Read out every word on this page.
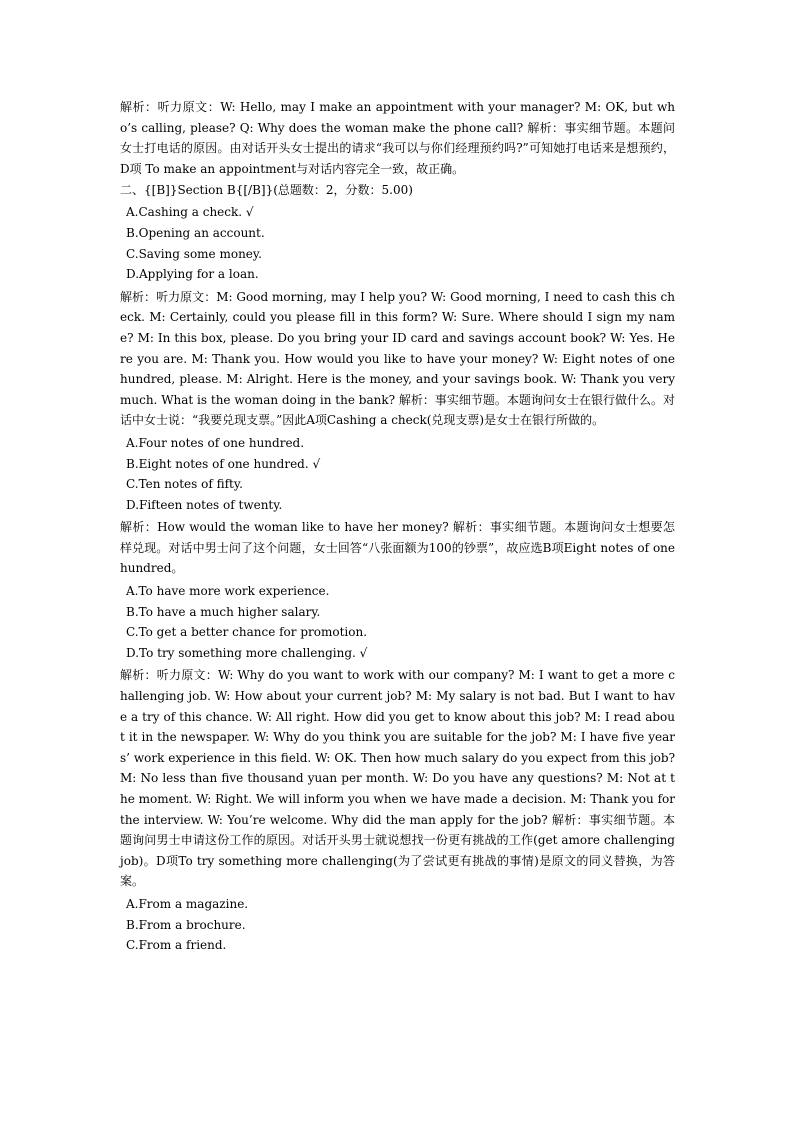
解析：听力原文：W: Hello, may I make an appointment with your manager? M: OK, but who’s calling, please? Q: Why does the woman make the phone call? 解析：事实细节题。本题问女士打电话的原因。由对话开头女士提出的请求“我可以与你们经理预约吗?”可知她打电话来是想预约，D项 To make an appointment与对话内容完全一致，故正确。

二、{[B]}Section B{[/B]}(总题数：2，分数：5.00)

A.Cashing a check. √
B.Opening an account.
C.Saving some money.
D.Applying for a loan.

解析：听力原文：M: Good morning, may I help you? W: Good morning, I need to cash this check. M: Certainly, could you please fill in this form? W: Sure. Where should I sign my name? M: In this box, please. Do you bring your ID card and savings account book? W: Yes. Here you are. M: Thank you. How would you like to have your money? W: Eight notes of one hundred, please. M: Alright. Here is the money, and your savings book. W: Thank you very much. What is the woman doing in the bank? 解析：事实细节题。本题询问女士在银行做什么。对话中女士说：“我要兑现支票。”因此A项Cashing a check(兑现支票)是女士在银行所做的。

A.Four notes of one hundred.
B.Eight notes of one hundred. √
C.Ten notes of fifty.
D.Fifteen notes of twenty.

解析：How would the woman like to have her money? 解析：事实细节题。本题询问女士想要怎样兑现。对话中男士问了这个问题，女士回答“八张面额为100的钞票”，故应选B项Eight notes of one hundred。

A.To have more work experience.
B.To have a much higher salary.
C.To get a better chance for promotion.
D.To try something more challenging. √

解析：听力原文：W: Why do you want to work with our company? M: I want to get a more challenging job. W: How about your current job? M: My salary is not bad. But I want to have a try of this chance. W: All right. How did you get to know about this job? M: I read about it in the newspaper. W: Why do you think you are suitable for the job? M: I have five years’ work experience in this field. W: OK. Then how much salary do you expect from this job? M: No less than five thousand yuan per month. W: Do you have any questions? M: Not at the moment. W: Right. We will inform you when we have made a decision. M: Thank you for the interview. W: You’re welcome. Why did the man apply for the job? 解析：事实细节题。本题询问男士申请这份工作的原因。对话开头男士就说想找一份更有挑战的工作(get amore challenging job)。D项To try something more challenging(为了尝试更有挑战的事情)是原文的同义替换，为答案。

A.From a magazine.
B.From a brochure.
C.From a friend.
